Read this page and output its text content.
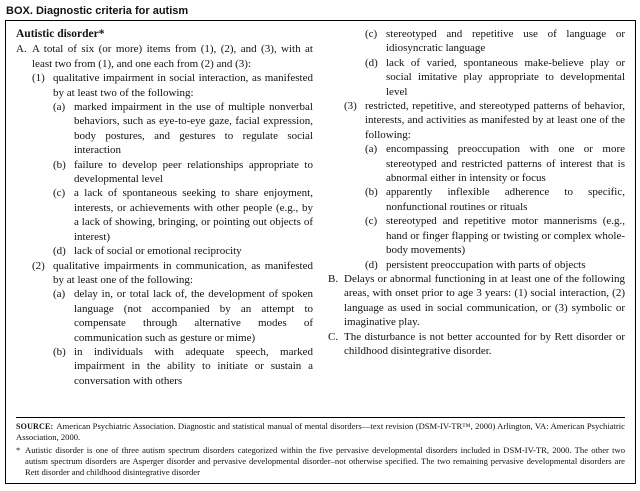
BOX. Diagnostic criteria for autism
Autistic disorder*
A. A total of six (or more) items from (1), (2), and (3), with at least two from (1), and one each from (2) and (3):
(1) qualitative impairment in social interaction, as manifested by at least two of the following:
(a) marked impairment in the use of multiple nonverbal behaviors, such as eye-to-eye gaze, facial expression, body postures, and gestures to regulate social interaction
(b) failure to develop peer relationships appropriate to developmental level
(c) a lack of spontaneous seeking to share enjoyment, interests, or achievements with other people (e.g., by a lack of showing, bringing, or pointing out objects of interest)
(d) lack of social or emotional reciprocity
(2) qualitative impairments in communication, as manifested by at least one of the following:
(a) delay in, or total lack of, the development of spoken language (not accompanied by an attempt to compensate through alternative modes of communication such as gesture or mime)
(b) in individuals with adequate speech, marked impairment in the ability to initiate or sustain a conversation with others
(c) stereotyped and repetitive use of language or idiosyncratic language
(d) lack of varied, spontaneous make-believe play or social imitative play appropriate to developmental level
(3) restricted, repetitive, and stereotyped patterns of behavior, interests, and activities as manifested by at least one of the following:
(a) encompassing preoccupation with one or more stereotyped and restricted patterns of interest that is abnormal either in intensity or focus
(b) apparently inflexible adherence to specific, nonfunctional routines or rituals
(c) stereotyped and repetitive motor mannerisms (e.g., hand or finger flapping or twisting or complex whole-body movements)
(d) persistent preoccupation with parts of objects
B. Delays or abnormal functioning in at least one of the following areas, with onset prior to age 3 years: (1) social interaction, (2) language as used in social communication, or (3) symbolic or imaginative play.
C. The disturbance is not better accounted for by Rett disorder or childhood disintegrative disorder.
SOURCE: American Psychiatric Association. Diagnostic and statistical manual of mental disorders—text revision (DSM-IV-TR™, 2000) Arlington, VA: American Psychiatric Association, 2000.
* Autistic disorder is one of three autism spectrum disorders categorized within the five pervasive developmental disorders included in DSM-IV-TR, 2000. The other two autism spectrum disorders are Asperger disorder and pervasive developmental disorder–not otherwise specified. The two remaining pervasive developmental disorders are Rett disorder and childhood disintegrative disorder
